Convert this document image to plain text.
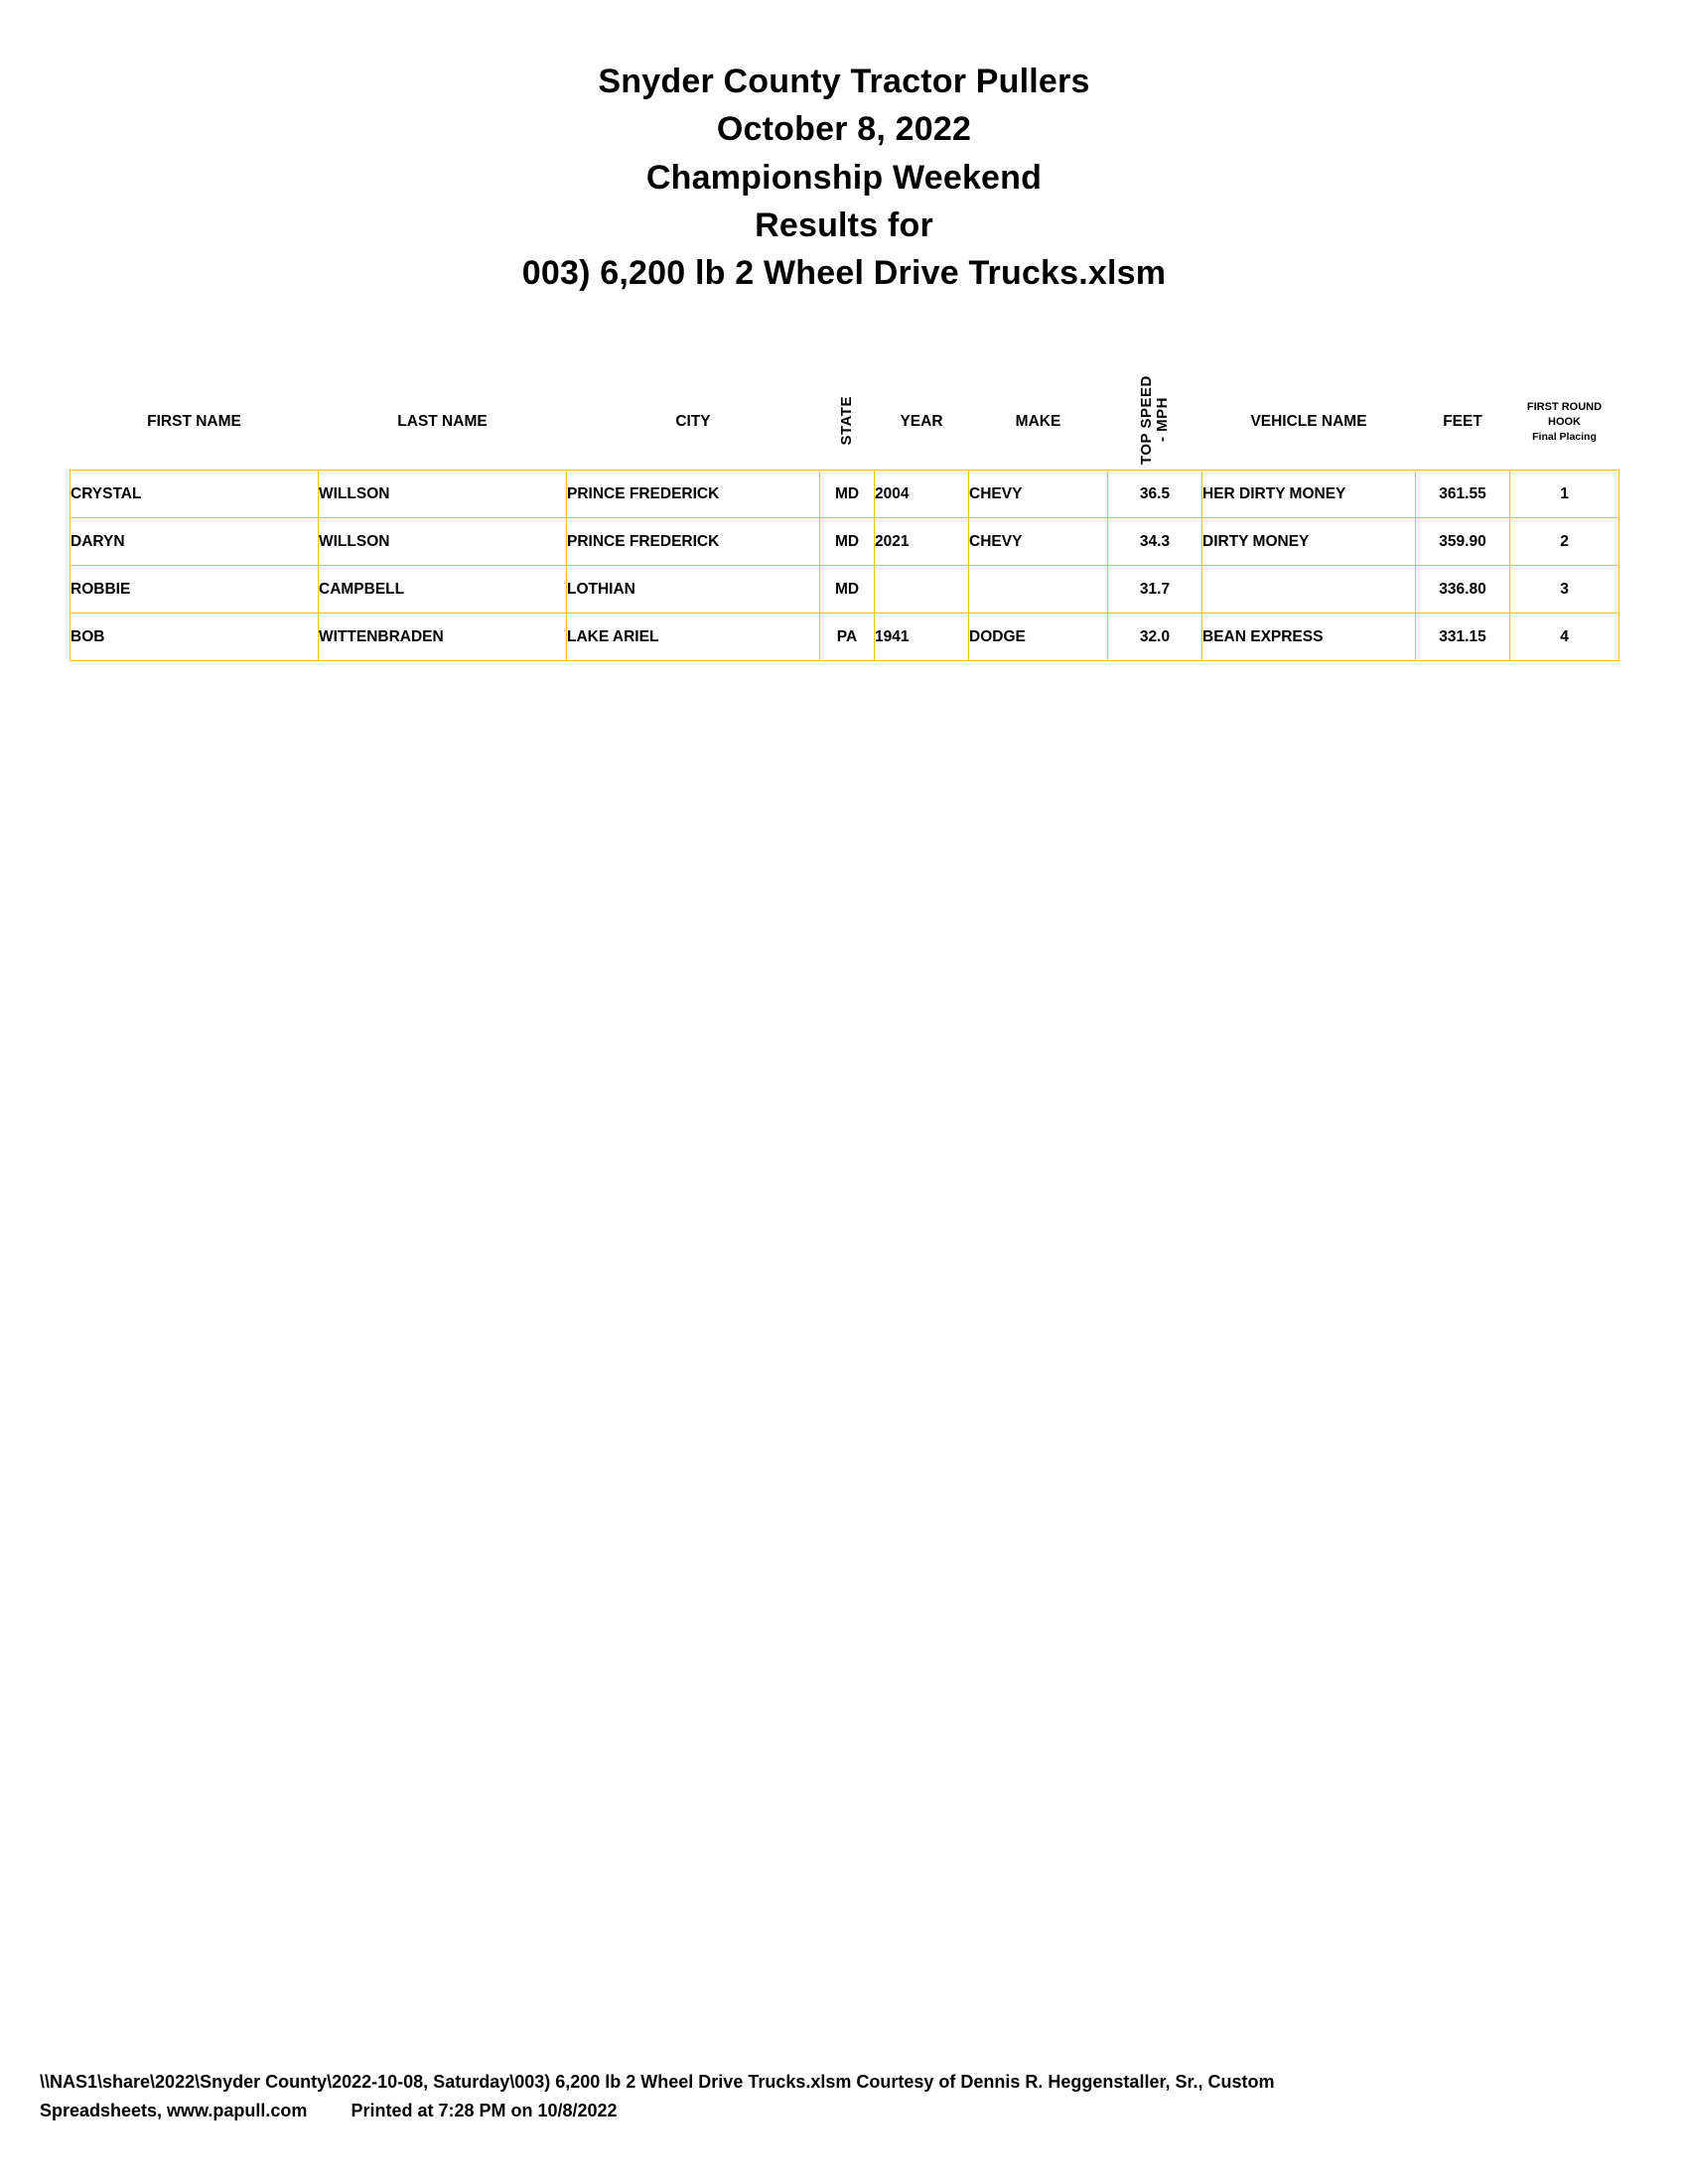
Snyder County Tractor Pullers
October 8, 2022
Championship Weekend
Results for
003) 6,200 lb 2 Wheel Drive Trucks.xlsm
FIRST NAME	LAST NAME	CITY	STATE	YEAR	MAKE	TOP SPEED - MPH	VEHICLE NAME	FEET	FIRST ROUND
HOOK
Final Placing

CRYSTAL	WILLSON	PRINCE FREDERICK	MD	2004	CHEVY	36.5	HER DIRTY MONEY	361.55	1
DARYN	WILLSON	PRINCE FREDERICK	MD	2021	CHEVY	34.3	DIRTY MONEY	359.90	2
ROBBIE	CAMPBELL	LOTHIAN	MD			31.7		336.80	3
BOB	WITTENBRADEN	LAKE ARIEL	PA	1941	DODGE	32.0	BEAN EXPRESS	331.15	4
\\NAS1\share\2022\Snyder County\2022-10-08, Saturday\003) 6,200 lb 2 Wheel Drive Trucks.xlsm Courtesy of Dennis R. Heggenstaller, Sr., Custom
Spreadsheets, www.papull.com Printed at 7:28 PM on 10/8/2022
